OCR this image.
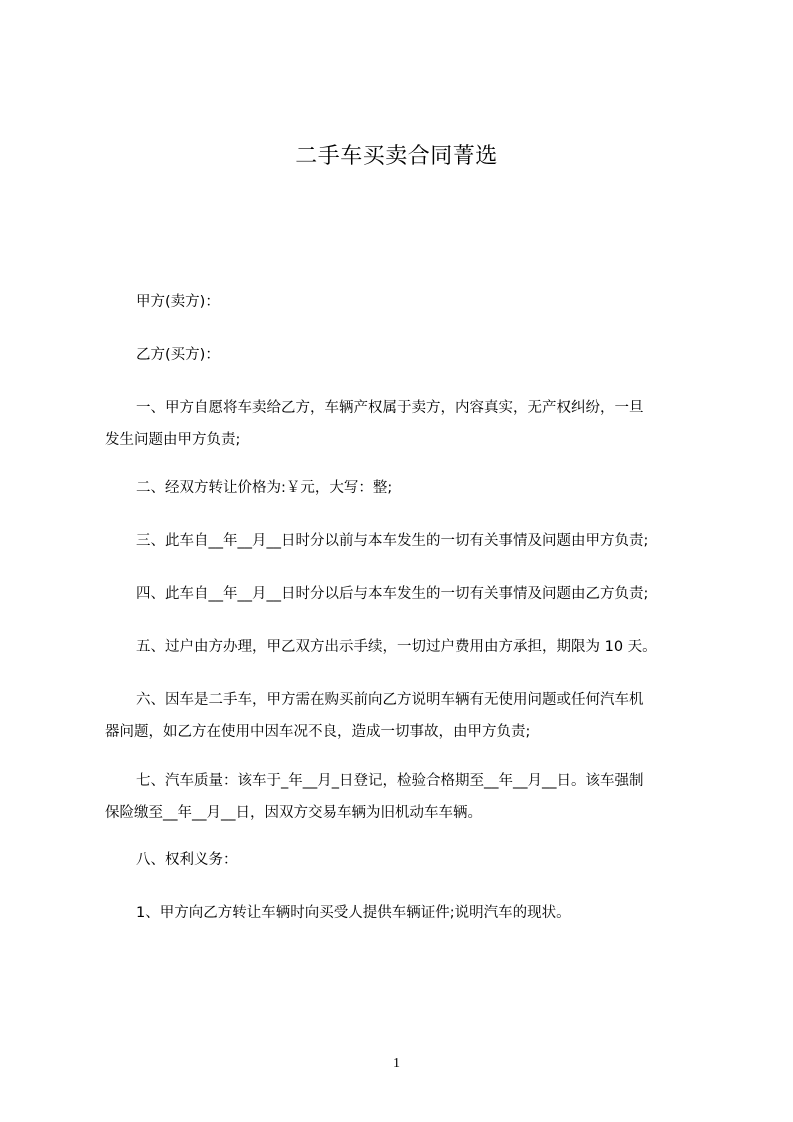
二手车买卖合同菁选
甲方(卖方)：
乙方(买方)：
一、甲方自愿将车卖给乙方，车辆产权属于卖方，内容真实，无产权纠纷，一旦
发生问题由甲方负责;
二、经双方转让价格为:￥元，大写：整;
三、此车自__年__月__日时分以前与本车发生的一切有关事情及问题由甲方负责;
四、此车自__年__月__日时分以后与本车发生的一切有关事情及问题由乙方负责;
五、过户由方办理，甲乙双方出示手续，一切过户费用由方承担，期限为 10 天。
六、因车是二手车，甲方需在购买前向乙方说明车辆有无使用问题或任何汽车机
器问题，如乙方在使用中因车况不良，造成一切事故，由甲方负责;
七、汽车质量：该车于_年__月_日登记，检验合格期至__年__月__日。该车强制
保险缴至__年__月__日，因双方交易车辆为旧机动车车辆。
八、权利义务：
1、甲方向乙方转让车辆时向买受人提供车辆证件;说明汽车的现状。
1
